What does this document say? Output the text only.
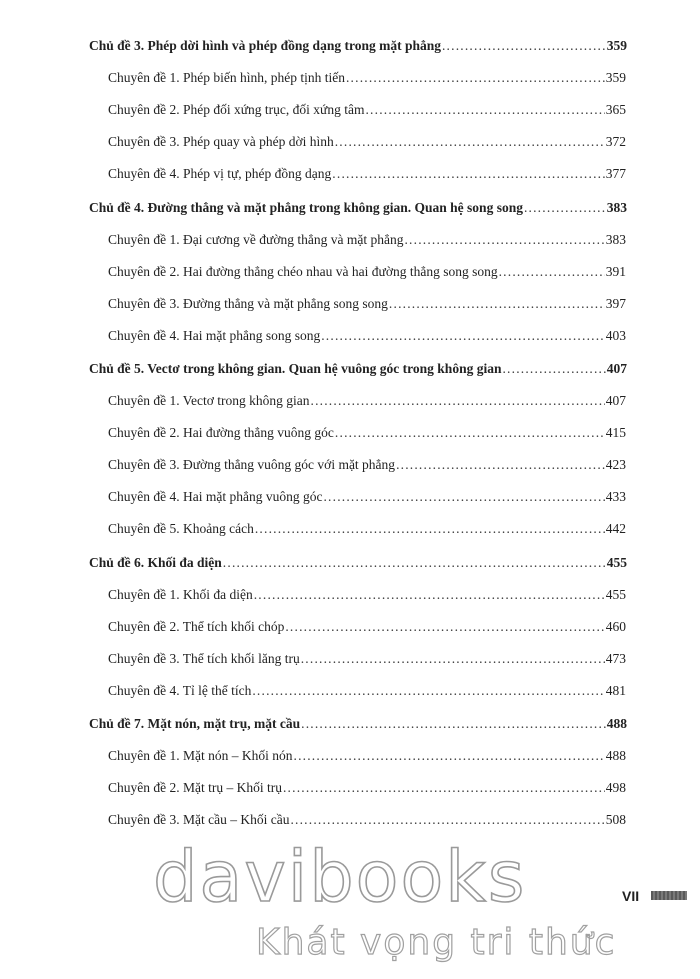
Chủ đề 3. Phép dời hình và phép đồng dạng trong mặt phẳng .....	359
Chuyên đề 1. Phép biến hình, phép tịnh tiến .....	359
Chuyên đề 2. Phép đối xứng trục, đối xứng tâm .....	365
Chuyên đề 3. Phép quay và phép dời hình .....	372
Chuyên đề 4. Phép vị tự, phép đồng dạng .....	377
Chủ đề 4. Đường thẳng và mặt phẳng trong không gian. Quan hệ song song .....	383
Chuyên đề 1. Đại cương về đường thẳng và mặt phẳng .....	383
Chuyên đề 2. Hai đường thẳng chéo nhau và hai đường thẳng song song .....	391
Chuyên đề 3. Đường thẳng và mặt phẳng song song .....	397
Chuyên đề 4. Hai mặt phẳng song song .....	403
Chủ đề 5. Vectơ trong không gian. Quan hệ vuông góc trong không gian .....	407
Chuyên đề 1. Vectơ trong không gian .....	407
Chuyên đề 2. Hai đường thẳng vuông góc .....	415
Chuyên đề 3. Đường thẳng vuông góc với mặt phẳng .....	423
Chuyên đề 4. Hai mặt phẳng vuông góc .....	433
Chuyên đề 5. Khoảng cách .....	442
Chủ đề 6. Khối đa diện .....	455
Chuyên đề 1. Khối đa diện .....	455
Chuyên đề 2. Thể tích khối chóp .....	460
Chuyên đề 3. Thể tích khối lăng trụ .....	473
Chuyên đề 4. Tỉ lệ thể tích .....	481
Chủ đề 7. Mặt nón, mặt trụ, mặt cầu .....	488
Chuyên đề 1. Mặt nón – Khối nón .....	488
Chuyên đề 2. Mặt trụ – Khối trụ .....	498
Chuyên đề 3. Mặt cầu – Khối cầu .....	508
davibooks
Khát vọng tri thức
VII
